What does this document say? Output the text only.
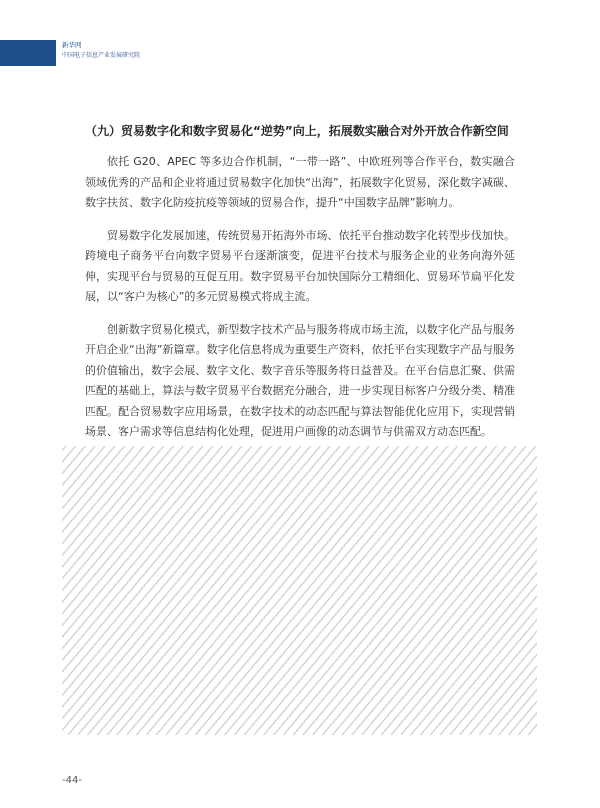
新华网
中国电子信息产业发展研究院
（九）贸易数字化和数字贸易化“逆势”向上，拓展数实融合对外开放合作新空间

依托 G20、APEC 等多边合作机制，“一带一路”、中欧班列等合作平台，数实融合领域优秀的产品和企业将通过贸易数字化加快“出海”，拓展数字化贸易，深化数字减碳、数字扶贫、数字化防疫抗疫等领域的贸易合作，提升“中国数字品牌”影响力。

贸易数字化发展加速，传统贸易开拓海外市场、依托平台推动数字化转型步伐加快。跨境电子商务平台向数字贸易平台逐渐演变，促进平台技术与服务企业的业务向海外延伸，实现平台与贸易的互促互用。数字贸易平台加快国际分工精细化、贸易环节扁平化发展，以“客户为核心”的多元贸易模式将成主流。

创新数字贸易化模式，新型数字技术产品与服务将成市场主流，以数字化产品与服务开启企业“出海”新篇章。数字化信息将成为重要生产资料，依托平台实现数字产品与服务的价值输出，数字会展、数字文化、数字音乐等服务将日益普及。在平台信息汇聚、供需匹配的基础上，算法与数字贸易平台数据充分融合，进一步实现目标客户分级分类、精准匹配。配合贸易数字应用场景，在数字技术的动态匹配与算法智能优化应用下，实现营销场景、客户需求等信息结构化处理，促进用户画像的动态调节与供需双方动态匹配。

-44-
